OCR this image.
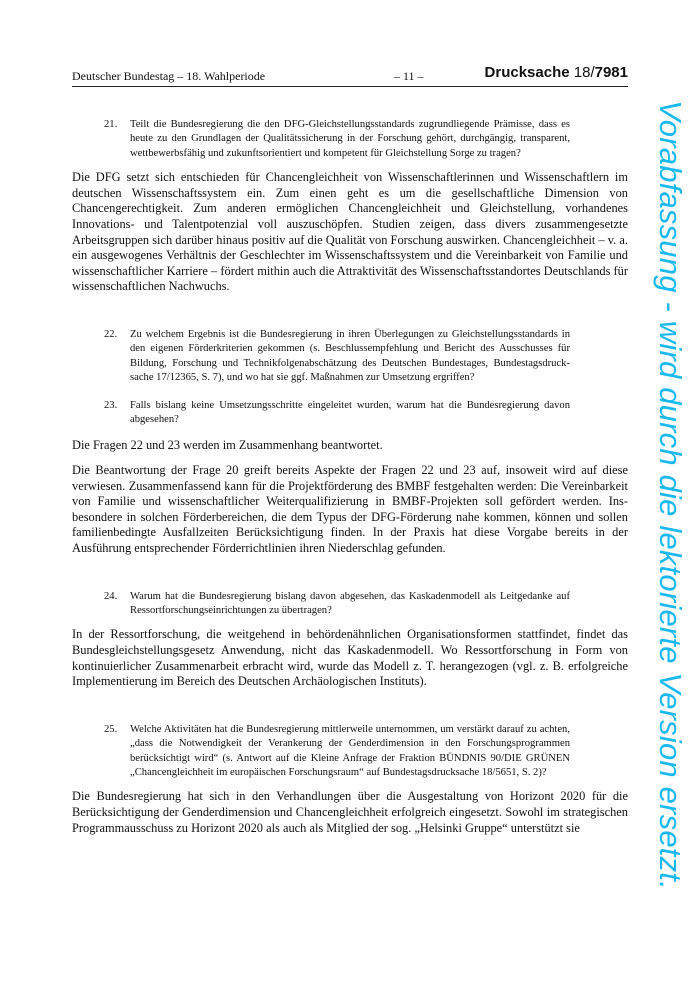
Deutscher Bundestag – 18. Wahlperiode	– 11 –	Drucksache 18/7981
21.	Teilt die Bundesregierung die den DFG-Gleichstellungsstandards zugrundliegende Prämisse, dass es heute zu den Grundlagen der Qualitätssicherung in der Forschung gehört, durchgängig, transparent, wettbewerbsfähig und zukunftsorientiert und kompetent für Gleichstellung Sorge zu tragen?

Die DFG setzt sich entschieden für Chancengleichheit von Wissenschaftlerinnen und Wissenschaftlern im deutschen Wissenschaftssystem ein. Zum einen geht es um die gesellschaftliche Dimension von Chancengerechtigkeit. Zum anderen ermöglichen Chancengleichheit und Gleichstellung, vorhandenes Innovations- und Talentpotenzial voll auszuschöpfen. Studien zeigen, dass divers zusammengesetzte Arbeitsgruppen sich darüber hinaus positiv auf die Qualität von Forschung auswirken. Chancengleichheit – v. a. ein ausgewogenes Verhältnis der Geschlechter im Wissenschaftssystem und die Vereinbarkeit von Familie und wissenschaftlicher Karriere – fördert mithin auch die Attraktivität des Wissenschaftsstandortes Deutschlands für wissenschaftlichen Nachwuchs.

22.	Zu welchem Ergebnis ist die Bundesregierung in ihren Überlegungen zu Gleichstellungsstandards in den eigenen Förderkriterien gekommen (s. Beschlussempfehlung und Bericht des Ausschusses für Bildung, Forschung und Technikfolgenabschätzung des Deutschen Bundestages, Bundestagsdrucksache 17/12365, S. 7), und wo hat sie ggf. Maßnahmen zur Umsetzung ergriffen?
23.	Falls bislang keine Umsetzungsschritte eingeleitet wurden, warum hat die Bundesregierung davon abgesehen?

Die Fragen 22 und 23 werden im Zusammenhang beantwortet.

Die Beantwortung der Frage 20 greift bereits Aspekte der Fragen 22 und 23 auf, insoweit wird auf diese verwiesen. Zusammenfassend kann für die Projektförderung des BMBF festgehalten werden: Die Vereinbarkeit von Familie und wissenschaftlicher Weiterqualifizierung in BMBF-Projekten soll gefördert werden. Insbesondere in solchen Förderbereichen, die dem Typus der DFG-Förderung nahe kommen, können und sollen familienbedingte Ausfallzeiten Berücksichtigung finden. In der Praxis hat diese Vorgabe bereits in der Ausführung entsprechender Förderrichtlinien ihren Niederschlag gefunden.

24.	Warum hat die Bundesregierung bislang davon abgesehen, das Kaskadenmodell als Leitgedanke auf Ressortforschungseinrichtungen zu übertragen?

In der Ressortforschung, die weitgehend in behördenähnlichen Organisationsformen stattfindet, findet das Bundesgleichstellungsgesetz Anwendung, nicht das Kaskadenmodell. Wo Ressortforschung in Form von kontinuierlicher Zusammenarbeit erbracht wird, wurde das Modell z. T. herangezogen (vgl. z. B. erfolgreiche Implementierung im Bereich des Deutschen Archäologischen Instituts).

25.	Welche Aktivitäten hat die Bundesregierung mittlerweile unternommen, um verstärkt darauf zu achten, „dass die Notwendigkeit der Verankerung der Genderdimension in den Forschungsprogrammen berücksichtigt wird“ (s. Antwort auf die Kleine Anfrage der Fraktion BÜNDNIS 90/DIE GRÜNEN „Chancengleichheit im europäischen Forschungsraum“ auf Bundestagsdrucksache 18/5651, S. 2)?

Die Bundesregierung hat sich in den Verhandlungen über die Ausgestaltung von Horizont 2020 für die Berücksichtigung der Genderdimension und Chancengleichheit erfolgreich eingesetzt. Sowohl im strategischen Programmausschuss zu Horizont 2020 als auch als Mitglied der sog. „Helsinki Gruppe“ unterstützt sie	Vorabfassung - wird durch die lektorierte Version ersetzt.
